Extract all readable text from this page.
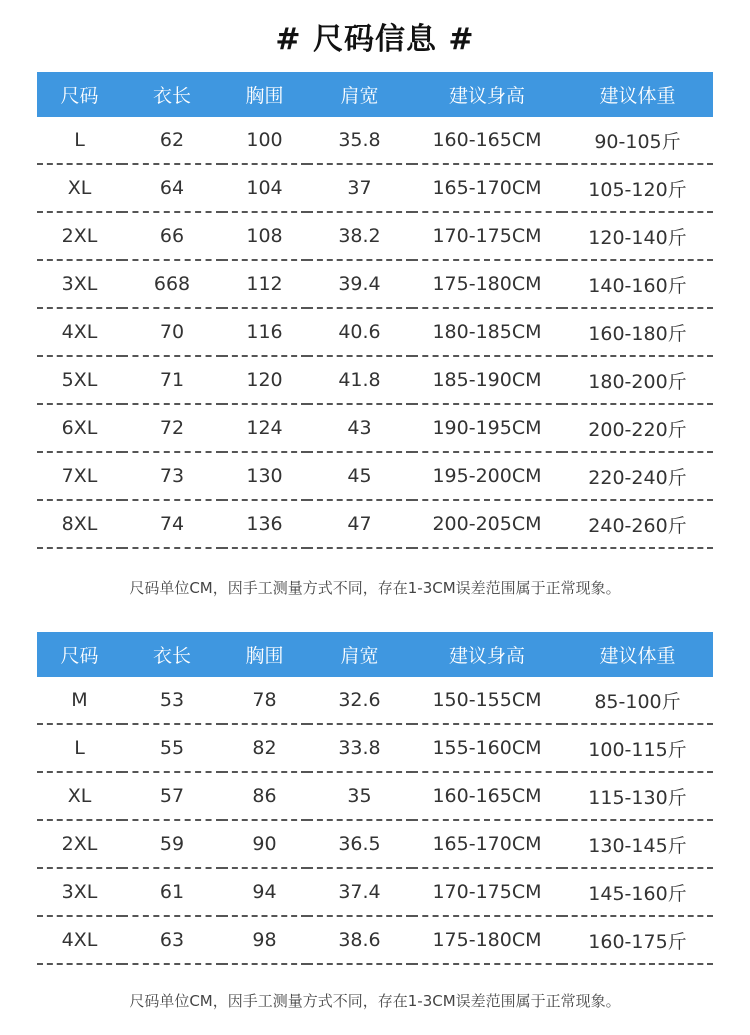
# 尺码信息 #
尺码	衣长	胸围	肩宽	建议身高	建议体重
L	62	100	35.8	160-165CM	90-105斤
XL	64	104	37	165-170CM	105-120斤
2XL	66	108	38.2	170-175CM	120-140斤
3XL	668	112	39.4	175-180CM	140-160斤
4XL	70	116	40.6	180-185CM	160-180斤
5XL	71	120	41.8	185-190CM	180-200斤
6XL	72	124	43	190-195CM	200-220斤
7XL	73	130	45	195-200CM	220-240斤
8XL	74	136	47	200-205CM	240-260斤
尺码单位CM，因手工测量方式不同，存在1-3CM误差范围属于正常现象。
尺码	衣长	胸围	肩宽	建议身高	建议体重
M	53	78	32.6	150-155CM	85-100斤
L	55	82	33.8	155-160CM	100-115斤
XL	57	86	35	160-165CM	115-130斤
2XL	59	90	36.5	165-170CM	130-145斤
3XL	61	94	37.4	170-175CM	145-160斤
4XL	63	98	38.6	175-180CM	160-175斤
尺码单位CM，因手工测量方式不同，存在1-3CM误差范围属于正常现象。
